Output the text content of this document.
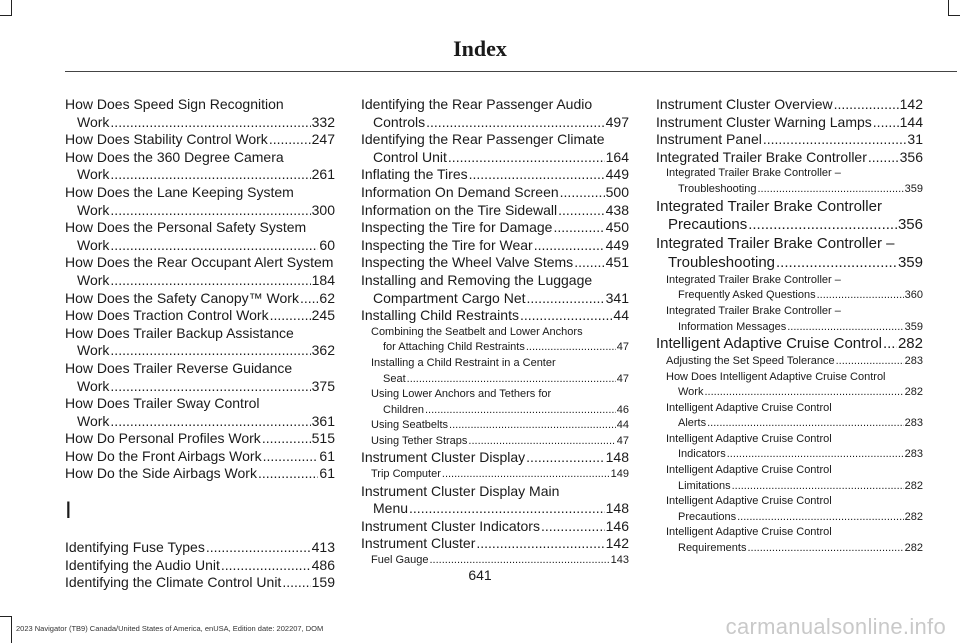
Index
How Does Speed Sign Recognition
Work .....	332
How Does Stability Control Work .....	247
How Does the 360 Degree Camera
Work .....	261
How Does the Lane Keeping System
Work .....	300
How Does the Personal Safety System
Work .....	60
How Does the Rear Occupant Alert System
Work .....	184
How Does the Safety Canopy™ Work ..... 62
How Does Traction Control Work .....	245
How Does Trailer Backup Assistance
Work .....	362
How Does Trailer Reverse Guidance
Work .....	375
How Does Trailer Sway Control
Work .....	361
How Do Personal Profiles Work .....	515
How Do the Front Airbags Work .....	61
How Do the Side Airbags Work .....	61
I
Identifying Fuse Types .....	413
Identifying the Audio Unit .....	486
Identifying the Climate Control Unit ..... 159
Identifying the Rear Passenger Audio
Controls .....	497
Identifying the Rear Passenger Climate
Control Unit .....	164
Inflating the Tires .....	449
Information On Demand Screen .....	500
Information on the Tire Sidewall .....	438
Inspecting the Tire for Damage .....	450
Inspecting the Tire for Wear .....	449
Inspecting the Wheel Valve Stems ..... 451
Installing and Removing the Luggage
Compartment Cargo Net .....	341
Installing Child Restraints .....	44
Combining the Seatbelt and Lower Anchors
for Attaching Child Restraints .....	47
Installing a Child Restraint in a Center
Seat .....	47
Using Lower Anchors and Tethers for
Children .....	46
Using Seatbelts .....	44
Using Tether Straps .....	47
Instrument Cluster Display .....	148
Trip Computer .....	149
Instrument Cluster Display Main
Menu .....	148
Instrument Cluster Indicators .....	146
Instrument Cluster .....	142
Fuel Gauge .....	143
Instrument Cluster Overview .....	142
Instrument Cluster Warning Lamps ..... 144
Instrument Panel .....	31
Integrated Trailer Brake Controller ..... 356
Integrated Trailer Brake Controller –
Troubleshooting .....	359
Integrated Trailer Brake Controller
Precautions .....	356
Integrated Trailer Brake Controller –
Troubleshooting .....	359
Integrated Trailer Brake Controller –
Frequently Asked Questions .....	360
Integrated Trailer Brake Controller –
Information Messages .....	359
Intelligent Adaptive Cruise Control ..... 282
Adjusting the Set Speed Tolerance .....	283
How Does Intelligent Adaptive Cruise Control
Work .....	282
Intelligent Adaptive Cruise Control
Alerts .....	283
Intelligent Adaptive Cruise Control
Indicators .....	283
Intelligent Adaptive Cruise Control
Limitations .....	282
Intelligent Adaptive Cruise Control
Precautions .....	282
Intelligent Adaptive Cruise Control
Requirements .....	282
641
2023 Navigator (TB9) Canada/United States of America, enUSA, Edition date: 202207, DOM	carmanualsonline.info
